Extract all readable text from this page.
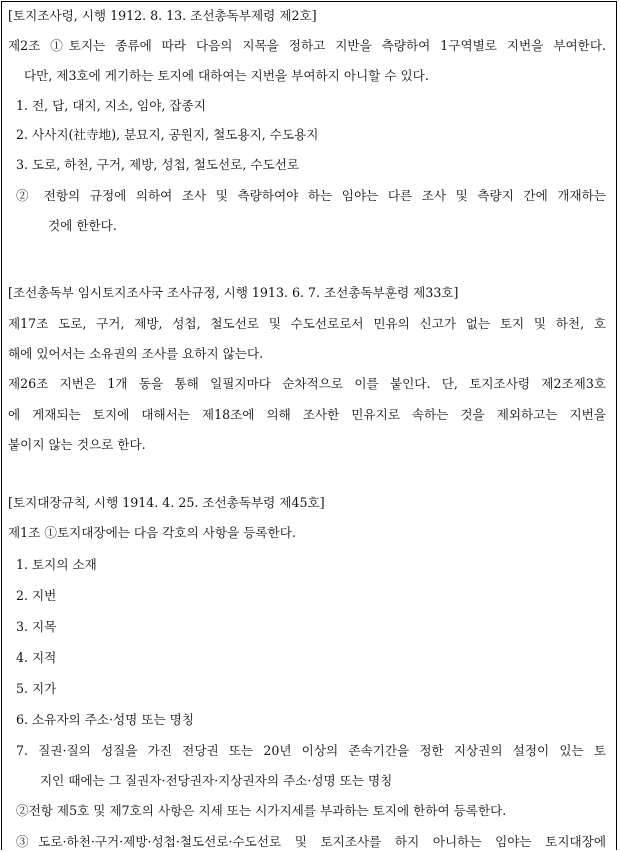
[토지조사령, 시행 1912. 8. 13. 조선총독부제령 제2호]
제2조 ①토지는 종류에 따라 다음의 지목을 정하고 지반을 측량하여 1구역별로 지번을 부여한다.
다만, 제3호에 게기하는 토지에 대하여는 지번을 부여하지 아니할 수 있다.
1. 전, 답, 대지, 지소, 임야, 잡종지
2. 사사지(社寺地), 분묘지, 공원지, 철도용지, 수도용지
3. 도로, 하천, 구거, 제방, 성첩, 철도선로, 수도선로
② 전항의 규정에 의하여 조사 및 측량하여야 하는 임야는 다른 조사 및 측량지 간에 개재하는
것에 한한다.
[조선총독부 임시토지조사국 조사규정, 시행 1913. 6. 7. 조선총독부훈령 제33호]
제17조 도로, 구거, 제방, 성첩, 철도선로 및 수도선로로서 민유의 신고가 없는 토지 및 하천, 호
해에 있어서는 소유권의 조사를 요하지 않는다.
제26조 지번은 1개 동을 통해 일필지마다 순차적으로 이를 붙인다. 단, 토지조사령 제2조제3호
에 게재되는 토지에 대해서는 제18조에 의해 조사한 민유지로 속하는 것을 제외하고는 지번을
붙이지 않는 것으로 한다.
[토지대장규칙, 시행 1914. 4. 25. 조선총독부령 제45호]
제1조 ①토지대장에는 다음 각호의 사항을 등록한다.
1. 토지의 소재
2. 지번
3. 지목
4. 지적
5. 지가
6. 소유자의 주소·성명 또는 명칭
7. 질권·질의 성질을 가진 전당권 또는 20년 이상의 존속기간을 정한 지상권의 설정이 있는 토
지인 때에는 그 질권자·전당권자·지상권자의 주소·성명 또는 명칭
②전항 제5호 및 제7호의 사항은 지세 또는 시가지세를 부과하는 토지에 한하여 등록한다.
③도로·하천·구거·제방·성첩·철도선로·수도선로 및 토지조사를 하지 아니하는 임야는 토지대장에
